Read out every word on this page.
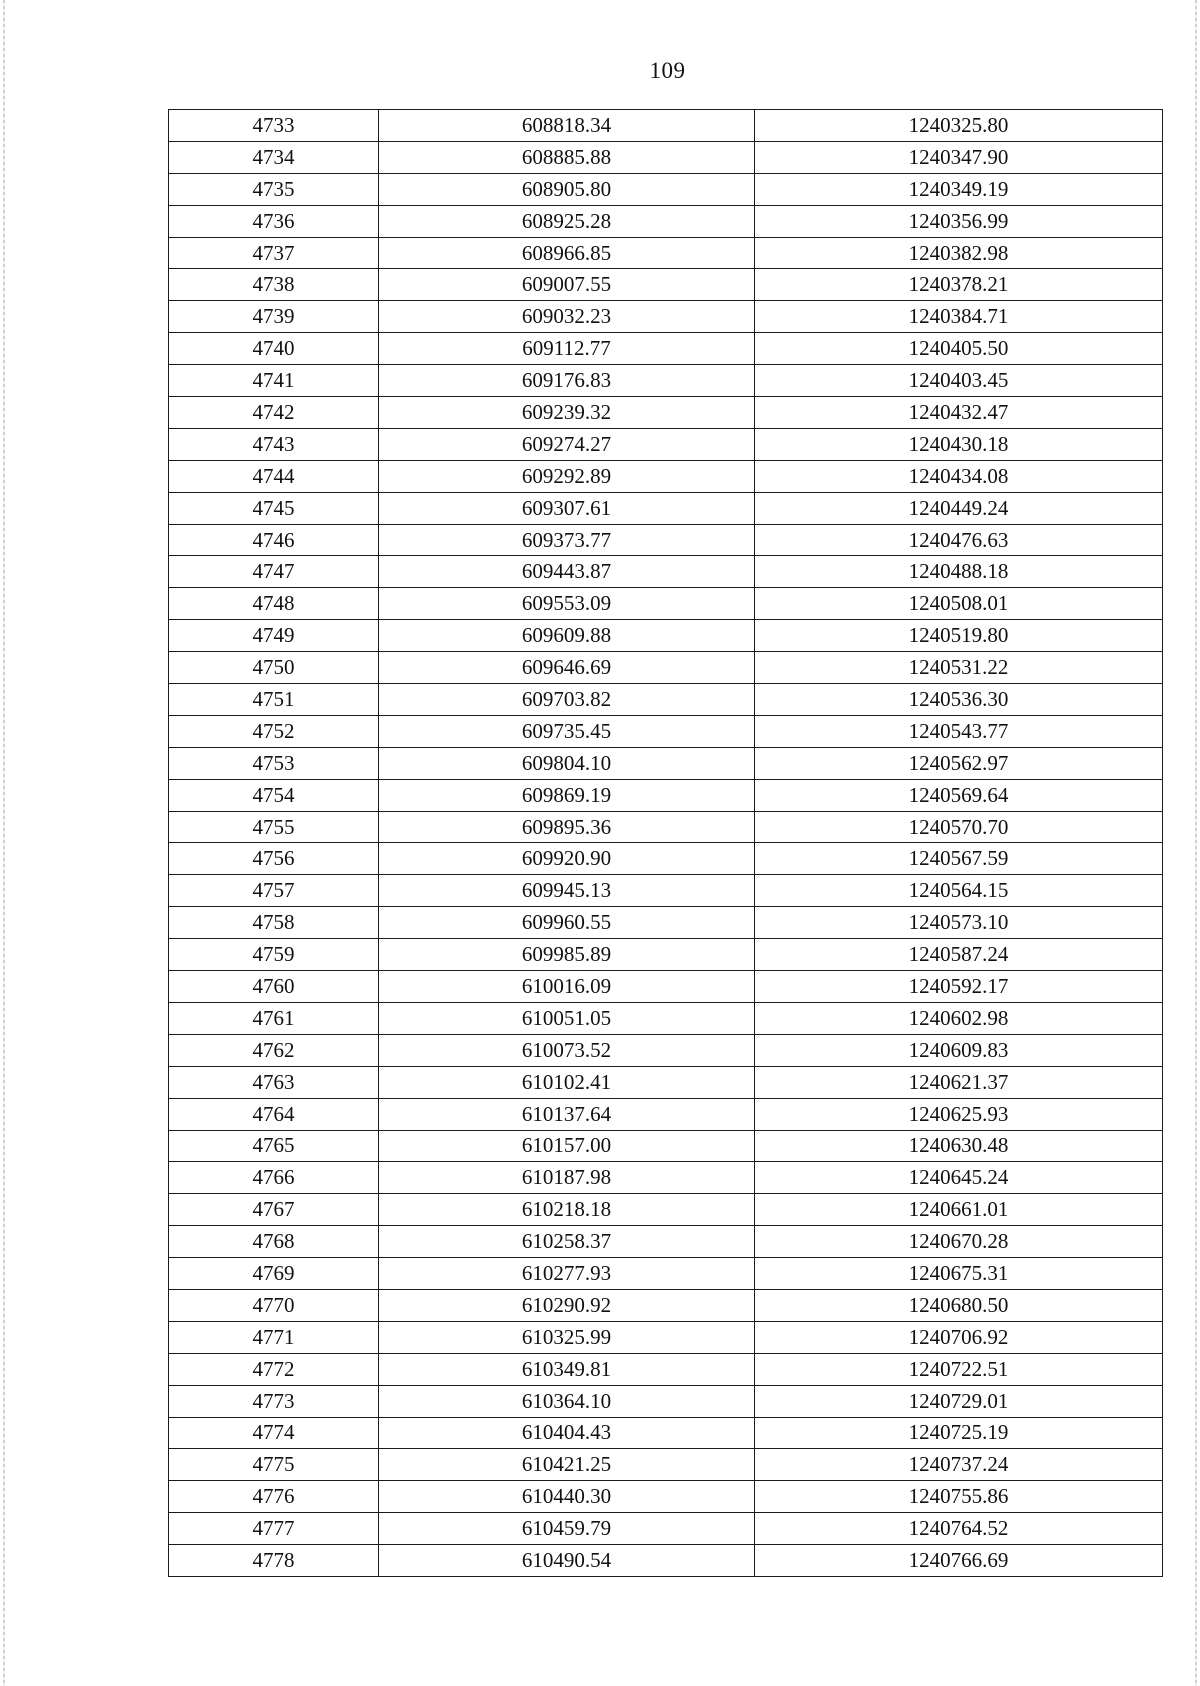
109
4733	608818.34	1240325.80
4734	608885.88	1240347.90
4735	608905.80	1240349.19
4736	608925.28	1240356.99
4737	608966.85	1240382.98
4738	609007.55	1240378.21
4739	609032.23	1240384.71
4740	609112.77	1240405.50
4741	609176.83	1240403.45
4742	609239.32	1240432.47
4743	609274.27	1240430.18
4744	609292.89	1240434.08
4745	609307.61	1240449.24
4746	609373.77	1240476.63
4747	609443.87	1240488.18
4748	609553.09	1240508.01
4749	609609.88	1240519.80
4750	609646.69	1240531.22
4751	609703.82	1240536.30
4752	609735.45	1240543.77
4753	609804.10	1240562.97
4754	609869.19	1240569.64
4755	609895.36	1240570.70
4756	609920.90	1240567.59
4757	609945.13	1240564.15
4758	609960.55	1240573.10
4759	609985.89	1240587.24
4760	610016.09	1240592.17
4761	610051.05	1240602.98
4762	610073.52	1240609.83
4763	610102.41	1240621.37
4764	610137.64	1240625.93
4765	610157.00	1240630.48
4766	610187.98	1240645.24
4767	610218.18	1240661.01
4768	610258.37	1240670.28
4769	610277.93	1240675.31
4770	610290.92	1240680.50
4771	610325.99	1240706.92
4772	610349.81	1240722.51
4773	610364.10	1240729.01
4774	610404.43	1240725.19
4775	610421.25	1240737.24
4776	610440.30	1240755.86
4777	610459.79	1240764.52
4778	610490.54	1240766.69
